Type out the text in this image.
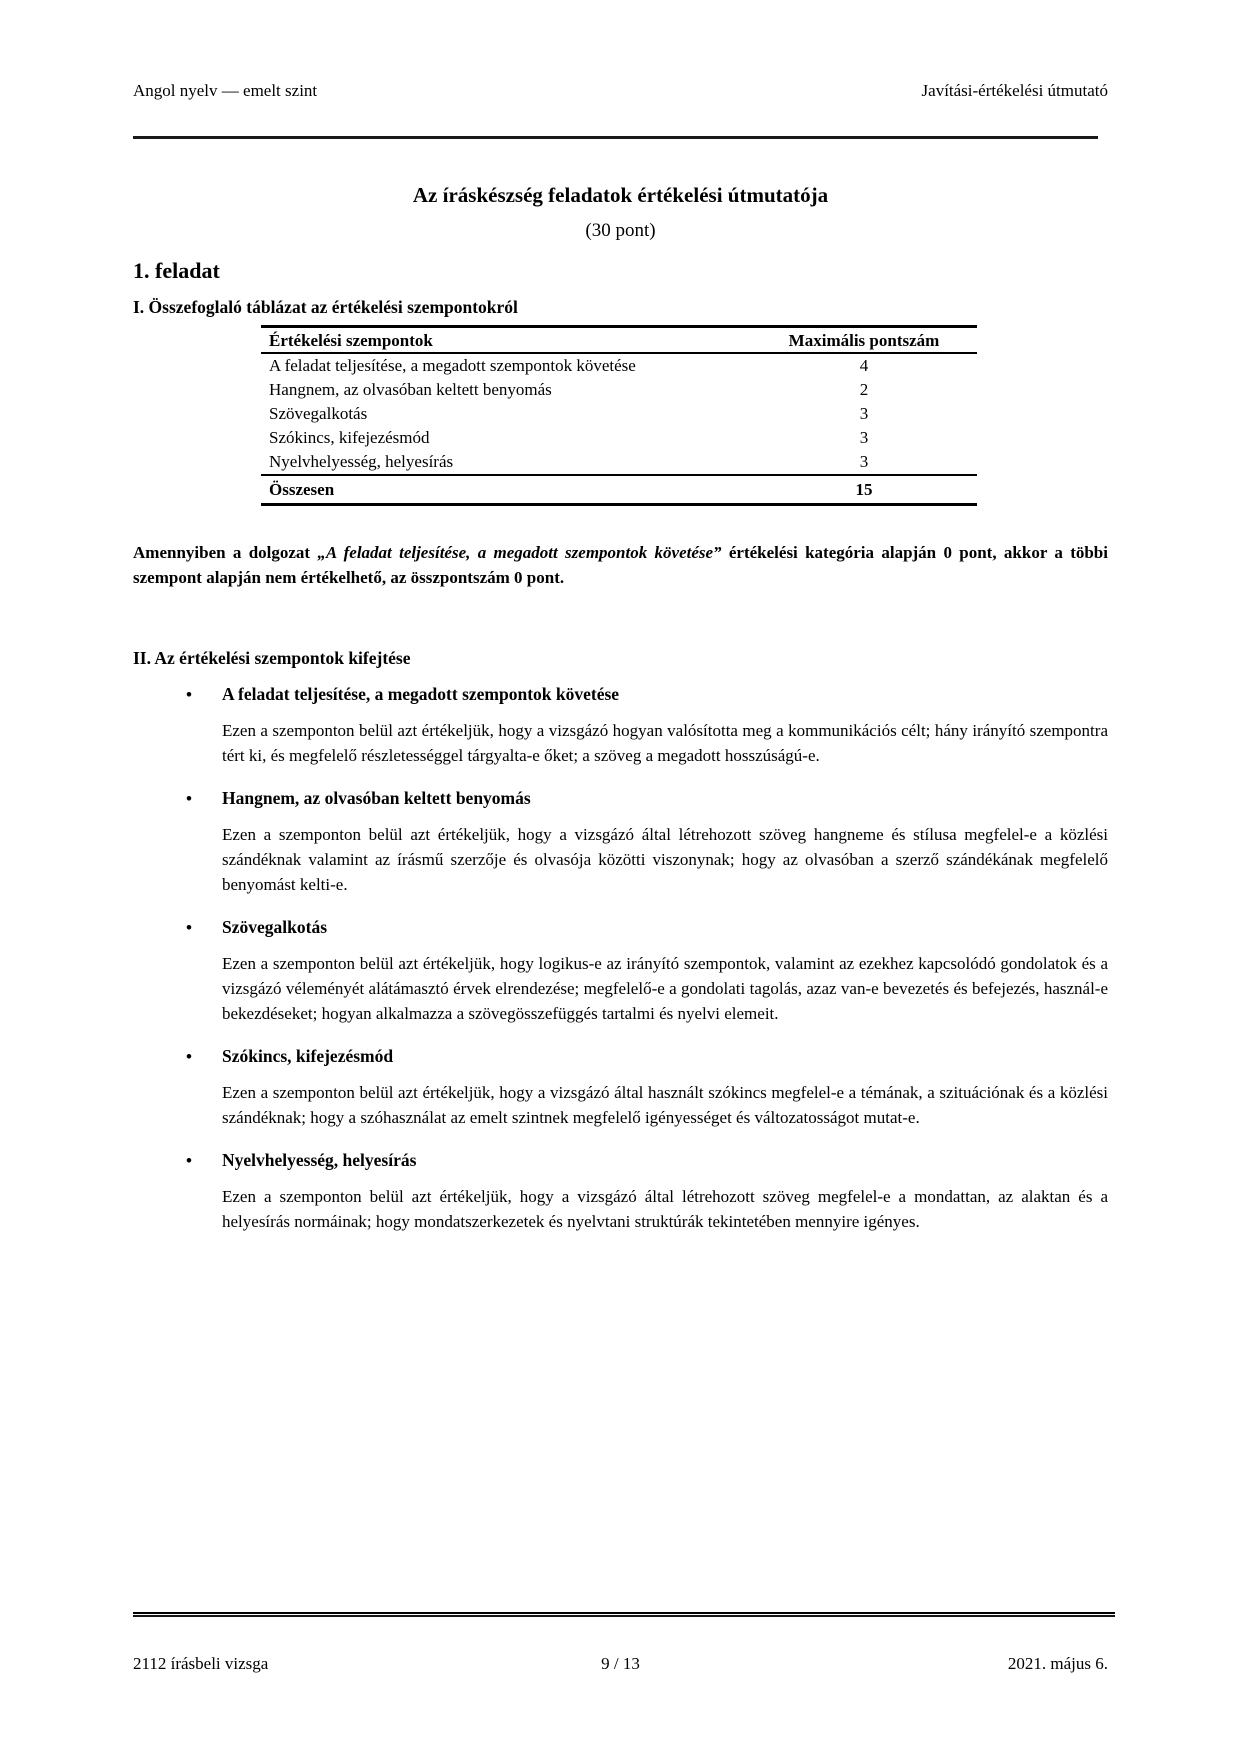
Angol nyelv — emelt szint	Javítási-értékelési útmutató
Az íráskészség feladatok értékelési útmutatója
(30 pont)
1. feladat
I. Összefoglaló táblázat az értékelési szempontokról
Értékelési szempontok	Maximális pontszám
A feladat teljesítése, a megadott szempontok követése	4
Hangnem, az olvasóban keltett benyomás	2
Szövegalkotás	3
Szókincs, kifejezésmód	3
Nyelvhelyesség, helyesírás	3
Összesen	15

Amennyiben a dolgozat „A feladat teljesítése, a megadott szempontok követése” értékelési kategória alapján 0 pont, akkor a többi szempont alapján nem értékelhető, az összpontszám 0 pont.

II. Az értékelési szempontok kifejtése
•	A feladat teljesítése, a megadott szempontok követése

Ezen a szemponton belül azt értékeljük, hogy a vizsgázó hogyan valósította meg a kommunikációs célt; hány irányító szempontra tért ki, és megfelelő részletességgel tárgyalta-e őket; a szöveg a megadott hosszúságú-e.

•	Hangnem, az olvasóban keltett benyomás

Ezen a szemponton belül azt értékeljük, hogy a vizsgázó által létrehozott szöveg hangneme és stílusa megfelel-e a közlési szándéknak valamint az írásmű szerzője és olvasója közötti viszonynak; hogy az olvasóban a szerző szándékának megfelelő benyomást kelti-e.

•	Szövegalkotás

Ezen a szemponton belül azt értékeljük, hogy logikus-e az irányító szempontok, valamint az ezekhez kapcsolódó gondolatok és a vizsgázó véleményét alátámasztó érvek elrendezése; megfelelő-e a gondolati tagolás, azaz van-e bevezetés és befejezés, használ-e bekezdéseket; hogyan alkalmazza a szövegösszefüggés tartalmi és nyelvi elemeit.

•	Szókincs, kifejezésmód

Ezen a szemponton belül azt értékeljük, hogy a vizsgázó által használt szókincs megfelel-e a témának, a szituációnak és a közlési szándéknak; hogy a szóhasználat az emelt szintnek megfelelő igényességet és változatosságot mutat-e.

•	Nyelvhelyesség, helyesírás

Ezen a szemponton belül azt értékeljük, hogy a vizsgázó által létrehozott szöveg megfelel-e a mondattan, az alaktan és a helyesírás normáinak; hogy mondatszerkezetek és nyelvtani struktúrák tekintetében mennyire igényes.

2112 írásbeli vizsga	9 / 13	2021. május 6.
